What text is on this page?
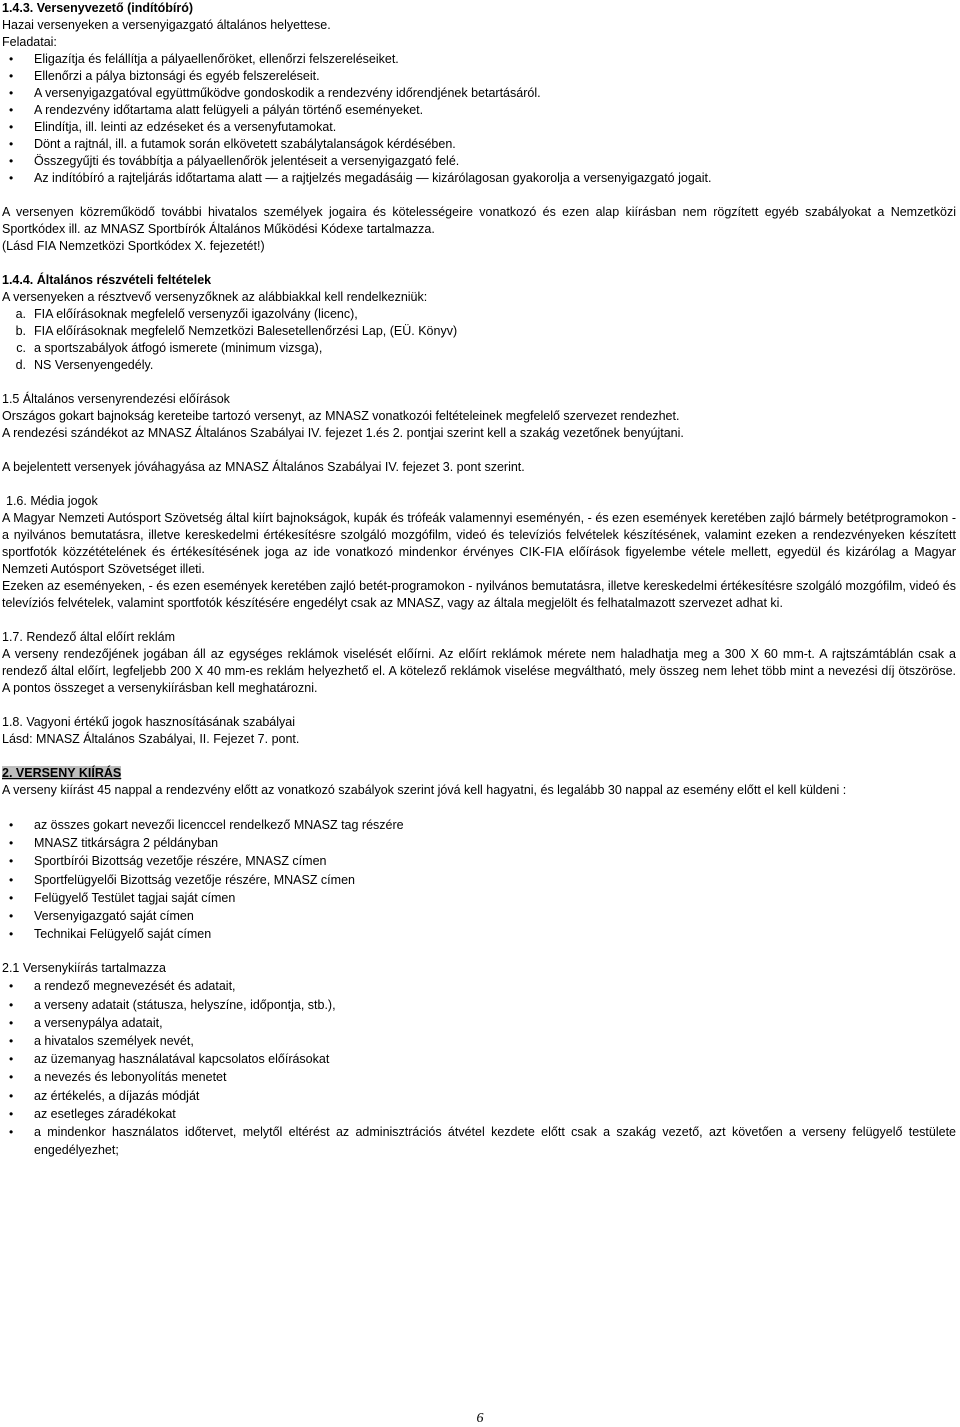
1.4.3. Versenyvezető (indítóbíró)

Hazai versenyeken a versenyigazgató általános helyettese.

Feladatai:

• Eligazítja és felállítja a pályaellenőröket, ellenőrzi felszereléseiket.
• Ellenőrzi a pálya biztonsági és egyéb felszereléseit.
• A versenyigazgatóval együttműködve gondoskodik a rendezvény időrendjének betartásáról.
• A rendezvény időtartama alatt felügyeli a pályán történő eseményeket.
• Elindítja, ill. leinti az edzéseket és a versenyfutamokat.
• Dönt a rajtnál, ill. a futamok során elkövetett szabálytalanságok kérdésében.
• Összegyűjti és továbbítja a pályaellenőrök jelentéseit a versenyigazgató felé.
• Az indítóbíró a rajteljárás időtartama alatt — a rajtjelzés megadásáig — kizárólagosan gyakorolja a versenyigazgató jogait.

A versenyen közreműködő további hivatalos személyek jogaira és kötelességeire vonatkozó és ezen alap kiírásban nem rögzített egyéb szabályokat a Nemzetközi Sportkódex ill. az MNASZ Sportbírók Általános Működési Kódexe tartalmazza.

(Lásd FIA Nemzetközi Sportkódex X. fejezetét!)

1.4.4. Általános részvételi feltételek

A versenyeken a résztvevő versenyzőknek az alábbiakkal kell rendelkezniük:

a. FIA előírásoknak megfelelő versenyzői igazolvány (licenc),
b. FIA előírásoknak megfelelő Nemzetközi Balesetellenőrzési Lap, (EÜ. Könyv)
c. a sportszabályok átfogó ismerete (minimum vizsga),
d. NS Versenyengedély.

1.5 Általános versenyrendezési előírások

Országos gokart bajnokság kereteibe tartozó versenyt, az MNASZ vonatkozói feltételeinek megfelelő szervezet rendezhet.

A rendezési szándékot az MNASZ Általános Szabályai IV. fejezet 1.és 2. pontjai szerint kell a szakág vezetőnek benyújtani.

A bejelentett versenyek jóváhagyása az MNASZ Általános Szabályai IV. fejezet 3. pont szerint.

1.6. Média jogok

A Magyar Nemzeti Autósport Szövetség által kiírt bajnokságok, kupák és trófeák valamennyi eseményén, - és ezen események keretében zajló bármely betétprogramokon - a nyilvános bemutatásra, illetve kereskedelmi értékesítésre szolgáló mozgófilm, videó és televíziós felvételek készítésének, valamint ezeken a rendezvényeken készített sportfotók közzétételének és értékesítésének joga az ide vonatkozó mindenkor érvényes CIK-FIA előírások figyelembe vétele mellett, egyedül és kizárólag a Magyar Nemzeti Autósport Szövetséget illeti.

Ezeken az eseményeken, - és ezen események keretében zajló betét-programokon - nyilvános bemutatásra, illetve kereskedelmi értékesítésre szolgáló mozgófilm, videó és televíziós felvételek, valamint sportfotók készítésére engedélyt csak az MNASZ, vagy az általa megjelölt és felhatalmazott szervezet adhat ki.

1.7. Rendező által előírt reklám

A verseny rendezőjének jogában áll az egységes reklámok viselését előírni. Az előírt reklámok mérete nem haladhatja meg a 300 X 60 mm-t. A rajtszámtáblán csak a rendező által előírt, legfeljebb 200 X 40 mm-es reklám helyezhető el. A kötelező reklámok viselése megváltható, mely összeg nem lehet több mint a nevezési díj ötszöröse. A pontos összeget a versenykiírásban kell meghatározni.

1.8. Vagyoni értékű jogok hasznosításának szabályai

Lásd: MNASZ Általános Szabályai, II. Fejezet 7. pont.

2. VERSENY KIÍRÁS

A verseny kiírást 45 nappal a rendezvény előtt az vonatkozó szabályok szerint jóvá kell hagyatni, és legalább 30 nappal az esemény előtt el kell küldeni :

• az összes gokart nevezői licenccel rendelkező MNASZ tag részére
• MNASZ titkárságra 2 példányban
• Sportbírói Bizottság vezetője részére, MNASZ címen
• Sportfelügyelői Bizottság vezetője részére, MNASZ címen
• Felügyelő Testület tagjai saját címen
• Versenyigazgató saját címen
• Technikai Felügyelő saját címen

2.1 Versenykiírás tartalmazza

• a rendező megnevezését és adatait,
• a verseny adatait (státusza, helyszíne, időpontja, stb.),
• a versenypálya adatait,
• a hivatalos személyek nevét,
• az üzemanyag használatával kapcsolatos előírásokat
• a nevezés és lebonyolítás menetet
• az értékelés, a díjazás módját
• az esetleges záradékokat
• a mindenkor használatos időtervet, melytől eltérést az adminisztrációs átvétel kezdete előtt csak a szakág vezető, azt követően a verseny felügyelő testülete engedélyezhet;
6
